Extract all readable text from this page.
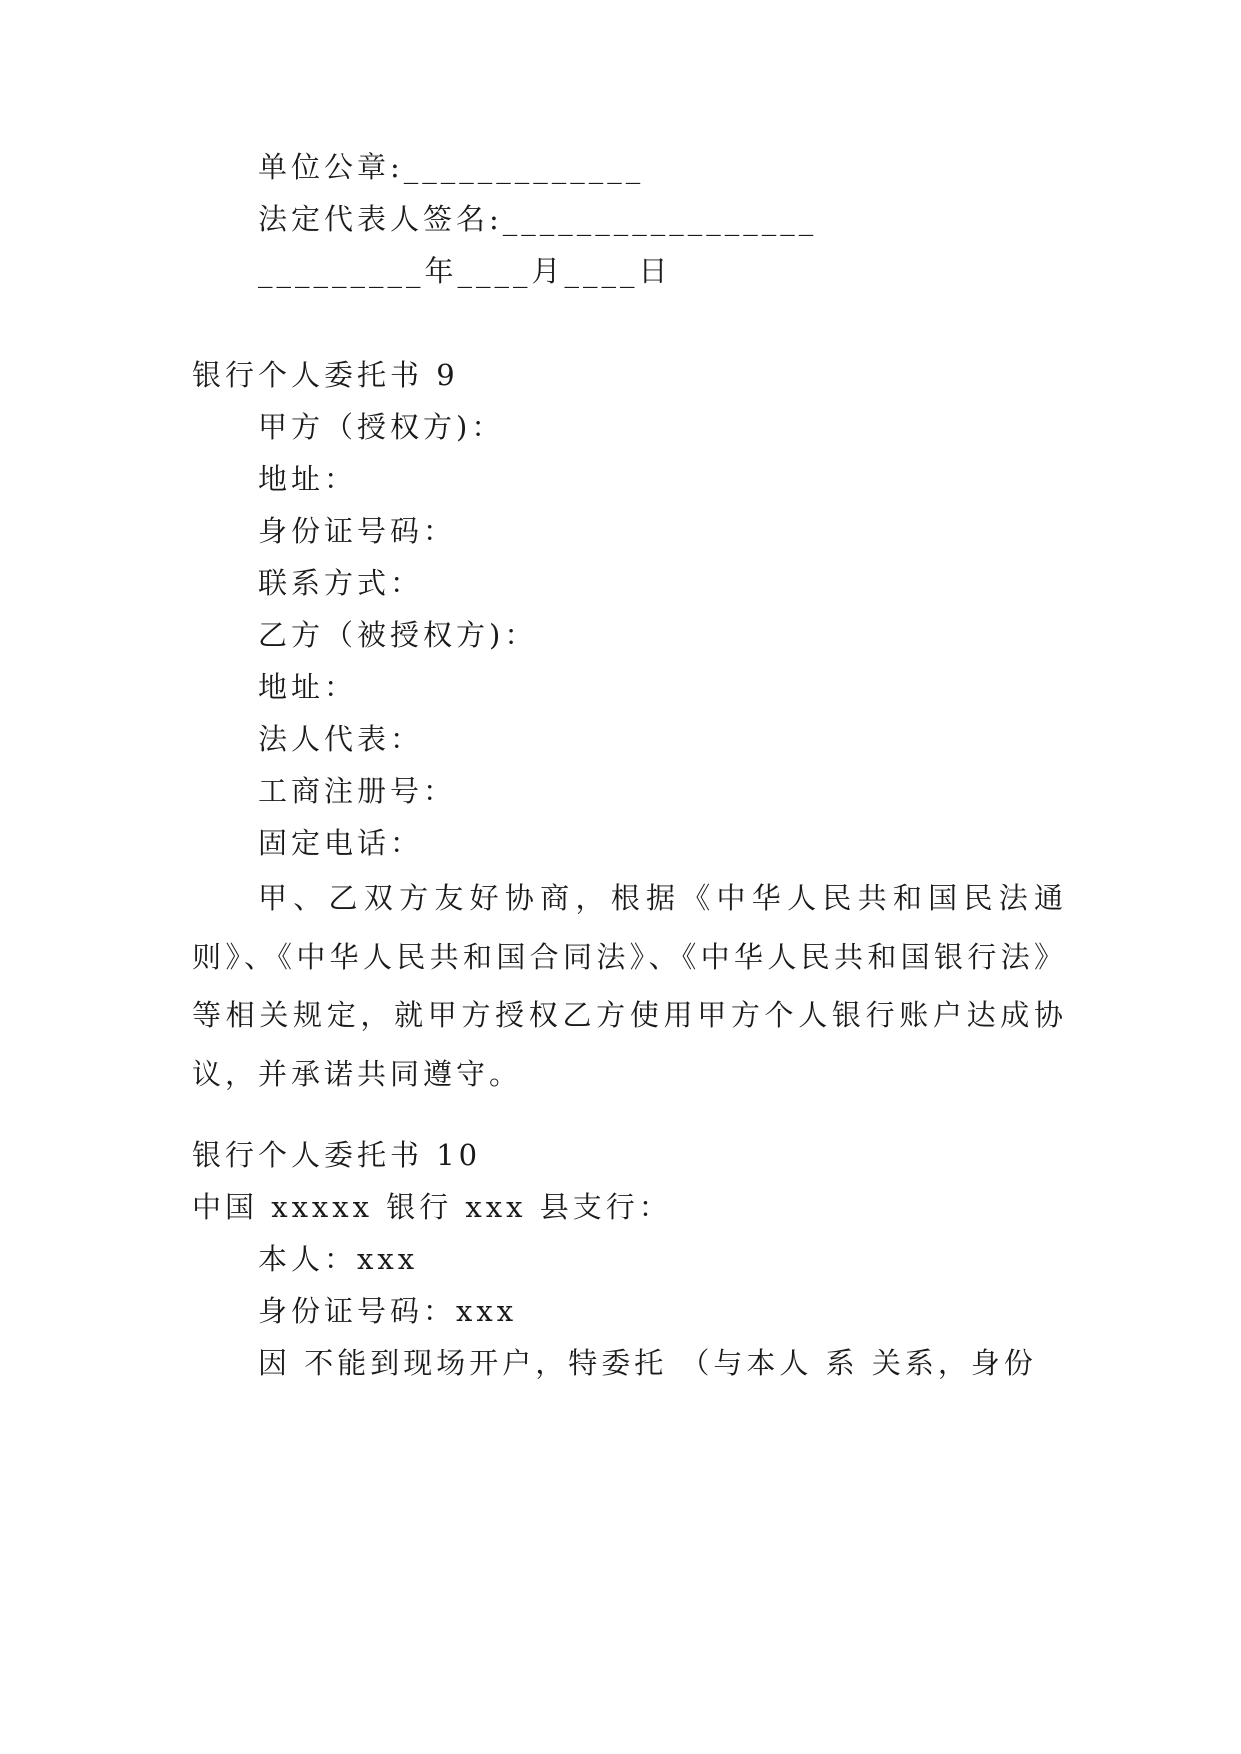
单位公章:_____________
法定代表人签名:_________________
_________年____月____日
银行个人委托书 9
甲方（授权方)：
地址：
身份证号码：
联系方式：
乙方（被授权方)：
地址：
法人代表：
工商注册号：
固定电话：
甲、乙双方友好协商，根据《中华人民共和国民法通则》、《中华人民共和国合同法》、《中华人民共和国银行法》等相关规定，就甲方授权乙方使用甲方个人银行账户达成协议，并承诺共同遵守。
银行个人委托书 10
中国 xxxxx 银行 xxx 县支行：
本人：xxx
身份证号码：xxx
因 不能到现场开户，特委托 （与本人 系 关系，身份
